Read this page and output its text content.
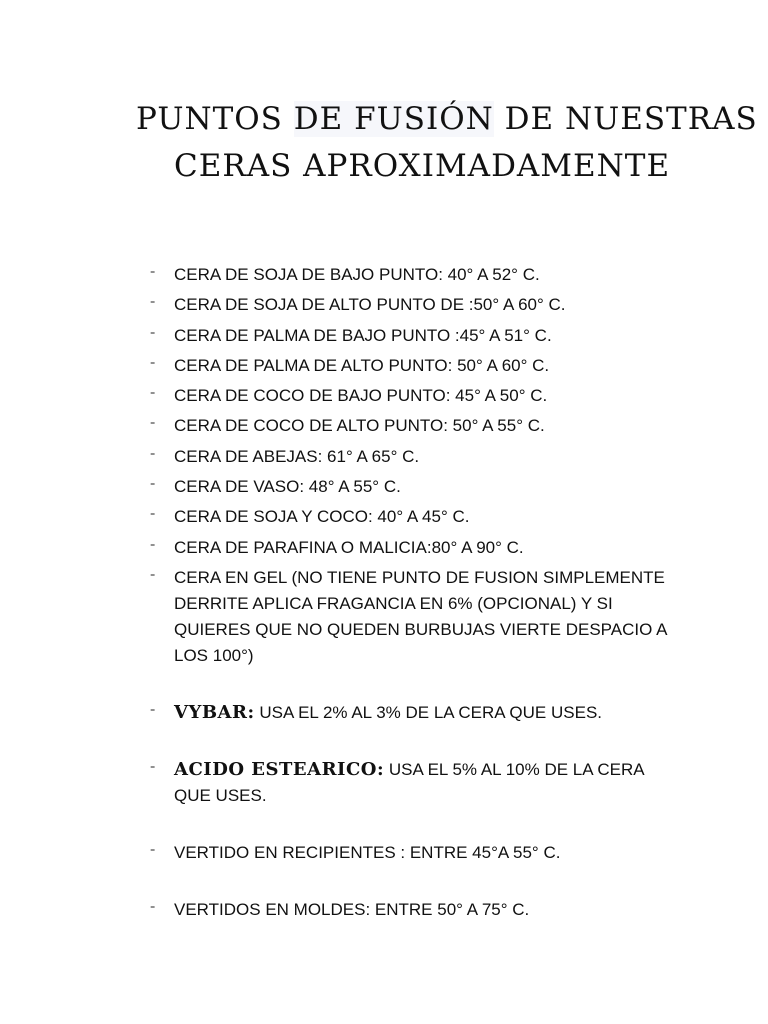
PUNTOS DE FUSIÓN DE NUESTRAS
CERAS APROXIMADAMENTE
⁼	CERA DE SOJA DE BAJO PUNTO: 40° A 52° C.
⁼	CERA DE SOJA DE ALTO PUNTO DE :50° A 60° C.
⁼	CERA DE PALMA DE BAJO PUNTO :45° A 51° C.
⁼	CERA DE PALMA DE ALTO PUNTO: 50° A 60° C.
⁼	CERA DE COCO DE BAJO PUNTO: 45° A 50° C.
⁼	CERA DE COCO DE ALTO PUNTO: 50° A 55° C.
⁼	CERA DE ABEJAS: 61° A 65° C.
⁼	CERA DE VASO: 48° A 55° C.
⁼	CERA DE SOJA Y COCO: 40° A 45° C.
⁼	CERA DE PARAFINA O MALICIA:80° A 90° C.
⁼	CERA EN GEL (NO TIENE PUNTO DE FUSION SIMPLEMENTE DERRITE APLICA FRAGANCIA EN 6% (OPCIONAL) Y SI QUIERES QUE NO QUEDEN BURBUJAS VIERTE DESPACIO A LOS 100°)
⁼	VYBAR: USA EL 2% AL 3% DE LA CERA QUE USES.
⁼	ACIDO ESTEARICO: USA EL 5% AL 10% DE LA CERA QUE USES.
⁼	VERTIDO EN RECIPIENTES : ENTRE 45°A 55° C.
⁼	VERTIDOS EN MOLDES: ENTRE 50° A 75° C.
